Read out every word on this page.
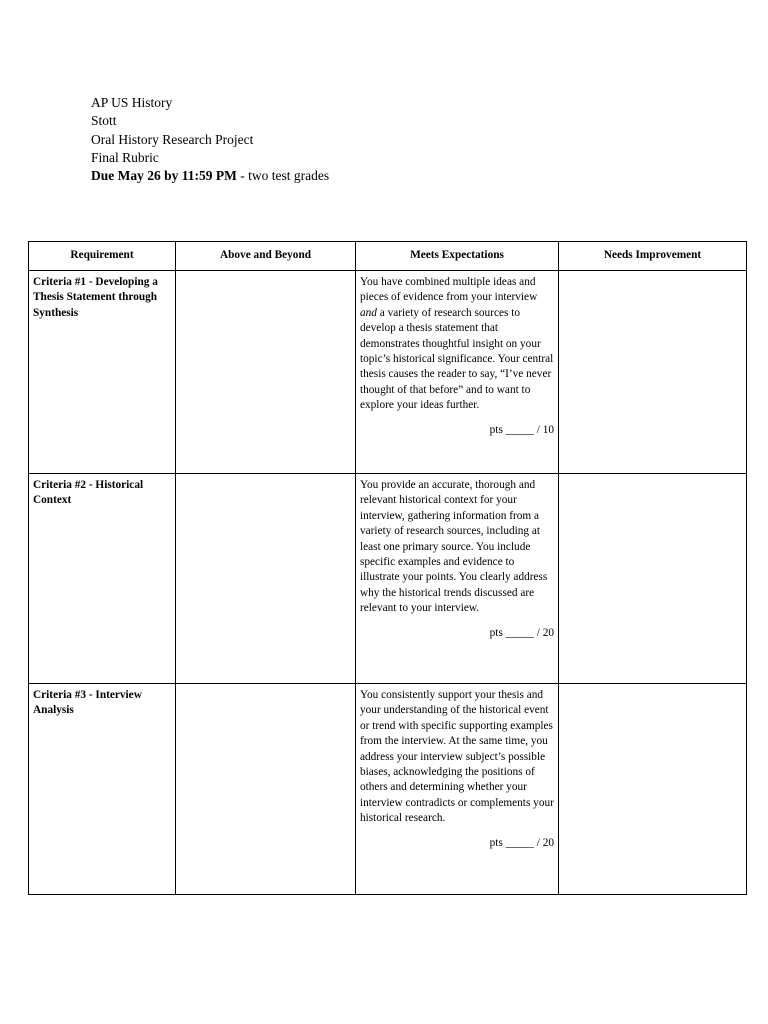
AP US History
Stott
Oral History Research Project
Final Rubric
Due May 26 by 11:59 PM - two test grades
Requirement	Above and Beyond	Meets Expectations	Needs Improvement
Criteria #1 - Developing a Thesis Statement through Synthesis		You have combined multiple ideas and pieces of evidence from your interview and a variety of research sources to develop a thesis statement that demonstrates thoughtful insight on your topic’s historical significance. Your central thesis causes the reader to say, “I’ve never thought of that before” and to want to explore your ideas further.

pts _____ / 10	

Criteria #2 - Historical Context		You provide an accurate, thorough and relevant historical context for your interview, gathering information from a variety of research sources, including at least one primary source. You include specific examples and evidence to illustrate your points. You clearly address why the historical trends discussed are relevant to your interview.

pts _____ / 20	

Criteria #3 - Interview Analysis		You consistently support your thesis and your understanding of the historical event or trend with specific supporting examples from the interview. At the same time, you address your interview subject’s possible biases, acknowledging the positions of others and determining whether your interview contradicts or complements your historical research.

pts _____ / 20	
